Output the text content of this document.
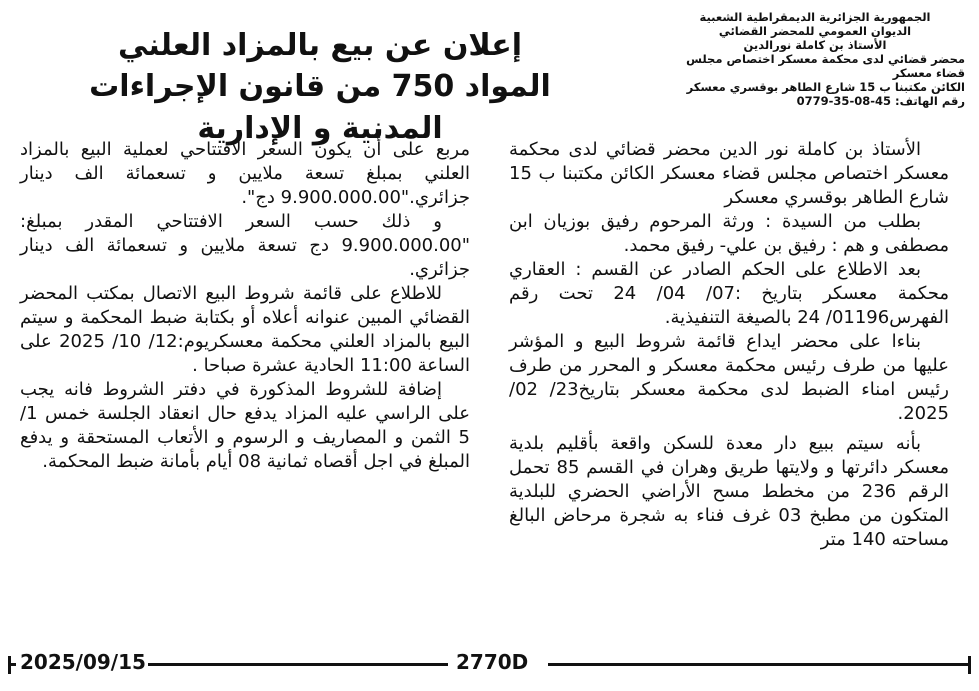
الجمهورية الجزائرية الديمقراطية الشعبية
الديوان العمومي للمحضر القضائي
الأستاذ بن كاملة نورالدين
محضر قضائي لدى محكمة معسكر اختصاص مجلس قضاء معسكر
الكائن مكتبنا ب 15 شارع الطاهر بوقسري معسكر
رقم الهاتف: 45-08-35-0779
إعلان عن بيع بالمزاد العلني
المواد 750 من قانون الإجراءات المدنية و الإدارية

الأستاذ بن كاملة نور الدين محضر قضائي لدى محكمة معسكر اختصاص مجلس قضاء معسكر الكائن مكتبنا ب 15 شارع الطاهر بوقسري معسكر

بطلب من السيدة : ورثة المرحوم رفيق بوزيان ابن مصطفى و هم : رفيق بن علي- رفيق محمد.

بعد الاطلاع على الحكم الصادر عن القسم : العقاري محكمة معسكر بتاريخ :07/ 04/ 24 تحت رقم الفهرس01196/ 24 بالصيغة التنفيذية.

بناءا على محضر ايداع قائمة شروط البيع و المؤشر عليها من طرف رئيس محكمة معسكر و المحرر من طرف رئيس امناء الضبط لدى محكمة معسكر بتاريخ23/ 02/ 2025.

بأنه سيتم ببيع دار معدة للسكن واقعة بأقليم بلدية معسكر دائرتها و ولايتها طريق وهران في القسم 85 تحمل الرقم 236 من مخطط مسح الأراضي الحضري للبلدية المتكون من مطبخ 03 غرف فناء به شجرة مرحاض البالغ مساحته 140 متر

مربع على أن يكون السعر الافتتاحي لعملية البيع بالمزاد العلني بمبلغ تسعة ملايين و تسعمائة الف دينار جزائري."9.900.000.00 دج".

و ذلك حسب السعر الافتتاحي المقدر بمبلغ: "9.900.000.00 دج تسعة ملايين و تسعمائة الف دينار جزائري.

للاطلاع على قائمة شروط البيع الاتصال بمكتب المحضر القضائي المبين عنوانه أعلاه أو بكتابة ضبط المحكمة و سيتم البيع بالمزاد العلني محكمة معسكريوم:12/ 10/ 2025 على الساعة 11:00 الحادية عشرة صباحا .

إضافة للشروط المذكورة في دفتر الشروط فانه يجب على الراسي عليه المزاد يدفع حال انعقاد الجلسة خمس 1/ 5 الثمن و المصاريف و الرسوم و الأتعاب المستحقة و يدفع المبلغ في اجل أقصاه ثمانية 08 أيام بأمانة ضبط المحكمة.

2025/09/15	2770D
